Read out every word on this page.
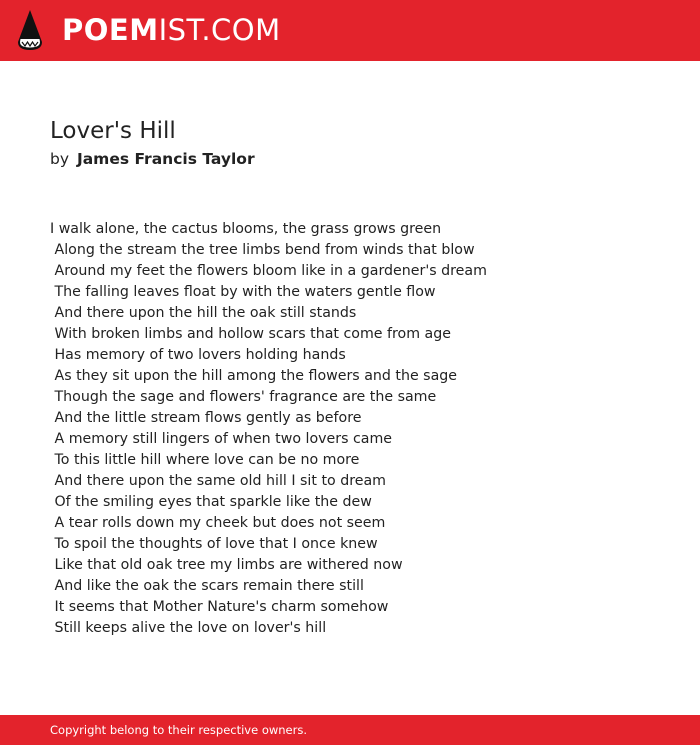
POEMIST.COM
Lover's Hill
by James Francis Taylor
I walk alone, the cactus blooms, the grass grows green
Along the stream the tree limbs bend from winds that blow
Around my feet the flowers bloom like in a gardener's dream
The falling leaves float by with the waters gentle flow
And there upon the hill the oak still stands
With broken limbs and hollow scars that come from age
Has memory of two lovers holding hands
As they sit upon the hill among the flowers and the sage
Though the sage and flowers' fragrance are the same
And the little stream flows gently as before
A memory still lingers of when two lovers came
To this little hill where love can be no more
And there upon the same old hill I sit to dream
Of the smiling eyes that sparkle like the dew
A tear rolls down my cheek but does not seem
To spoil the thoughts of love that I once knew
Like that old oak tree my limbs are withered now
And like the oak the scars remain there still
It seems that Mother Nature's charm somehow
Still keeps alive the love on lover's hill
Copyright belong to their respective owners.
